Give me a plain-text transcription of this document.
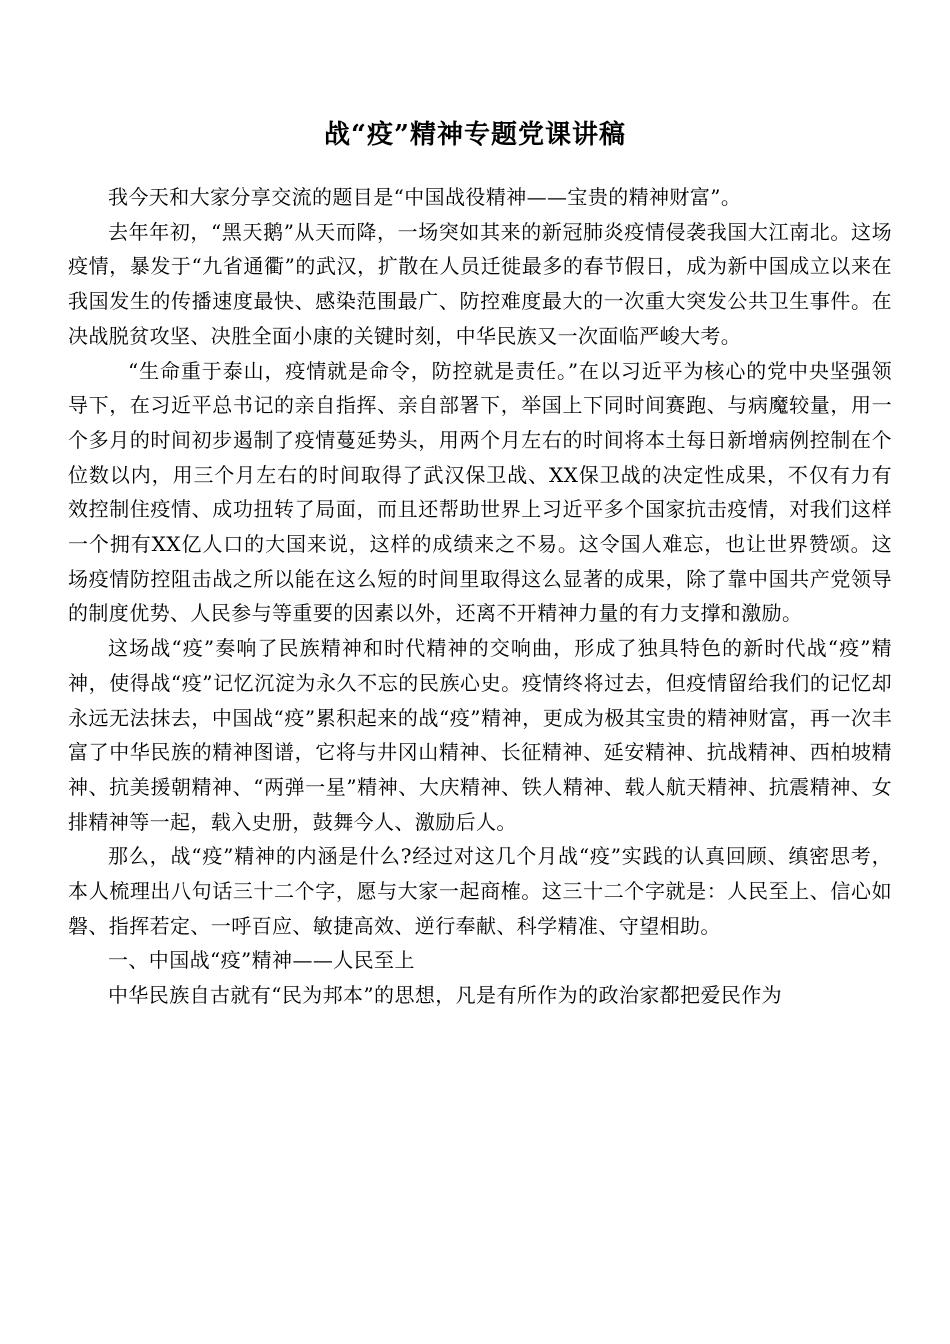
战“疫”精神专题党课讲稿

我今天和大家分享交流的题目是“中国战役精神——宝贵的精神财富”。

去年年初，“黑天鹅”从天而降，一场突如其来的新冠肺炎疫情侵袭我国大江南北。这场疫情，暴发于“九省通衢”的武汉，扩散在人员迁徙最多的春节假日，成为新中国成立以来在我国发生的传播速度最快、感染范围最广、防控难度最大的一次重大突发公共卫生事件。在决战脱贫攻坚、决胜全面小康的关键时刻，中华民族又一次面临严峻大考。

“生命重于泰山，疫情就是命令，防控就是责任。”在以习近平为核心的党中央坚强领导下，在习近平总书记的亲自指挥、亲自部署下，举国上下同时间赛跑、与病魔较量，用一个多月的时间初步遏制了疫情蔓延势头，用两个月左右的时间将本土每日新增病例控制在个位数以内，用三个月左右的时间取得了武汉保卫战、XX保卫战的决定性成果，不仅有力有效控制住疫情、成功扭转了局面，而且还帮助世界上习近平多个国家抗击疫情，对我们这样一个拥有XX亿人口的大国来说，这样的成绩来之不易。这令国人难忘，也让世界赞颂。这场疫情防控阻击战之所以能在这么短的时间里取得这么显著的成果，除了靠中国共产党领导的制度优势、人民参与等重要的因素以外，还离不开精神力量的有力支撑和激励。

这场战“疫”奏响了民族精神和时代精神的交响曲，形成了独具特色的新时代战“疫”精神，使得战“疫”记忆沉淀为永久不忘的民族心史。疫情终将过去，但疫情留给我们的记忆却永远无法抹去，中国战“疫”累积起来的战“疫”精神，更成为极其宝贵的精神财富，再一次丰富了中华民族的精神图谱，它将与井冈山精神、长征精神、延安精神、抗战精神、西柏坡精神、抗美援朝精神、“两弹一星”精神、大庆精神、铁人精神、载人航天精神、抗震精神、女排精神等一起，载入史册，鼓舞今人、激励后人。

那么，战“疫”精神的内涵是什么?经过对这几个月战“疫”实践的认真回顾、缜密思考，本人梳理出八句话三十二个字，愿与大家一起商榷。这三十二个字就是：人民至上、信心如磐、指挥若定、一呼百应、敏捷高效、逆行奉献、科学精准、守望相助。

一、中国战“疫”精神——人民至上

中华民族自古就有“民为邦本”的思想，凡是有所作为的政治家都把爱民作为
